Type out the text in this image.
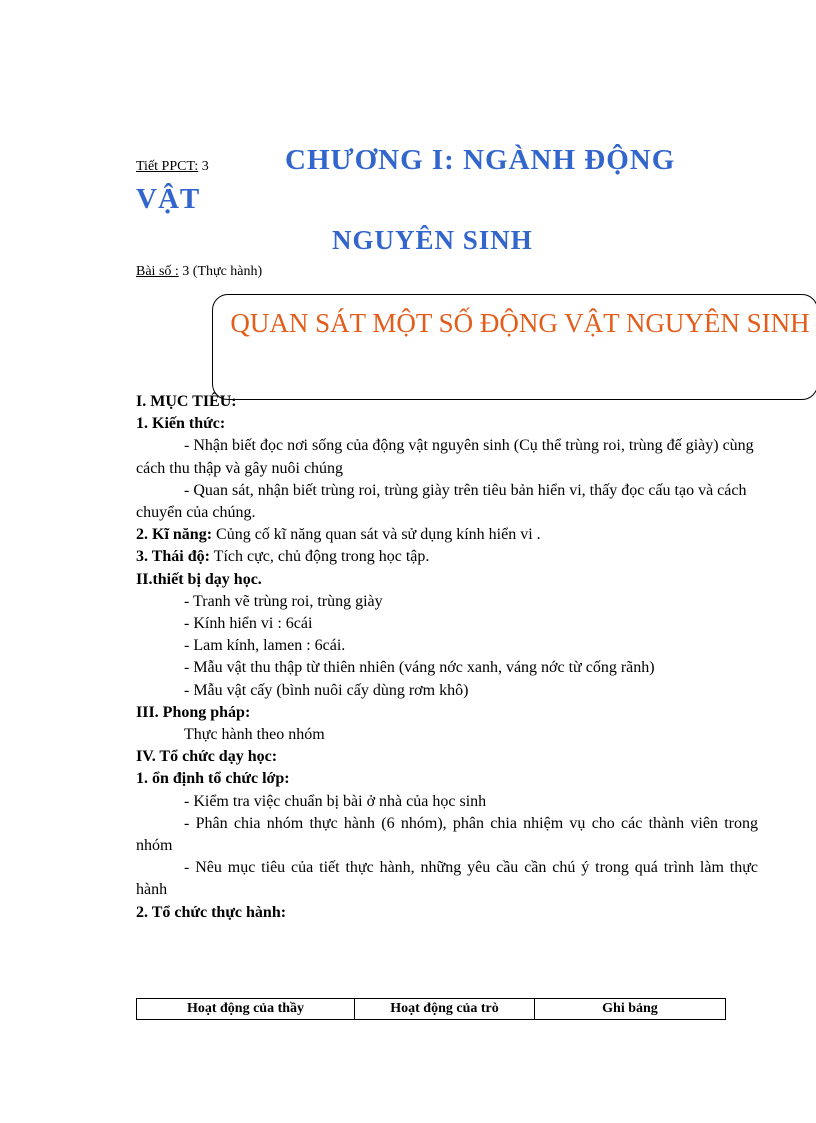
Tiết PPCT: 3	CHƯƠNG I: NGÀNH ĐỘNG
VẬT
NGUYÊN SINH
Bài số : 3 (Thực hành)
QUAN SÁT MỘT SỐ ĐỘNG VẬT NGUYÊN SINH

I. MỤC TIÊU:

1. Kiến thức:

- Nhận biết đọc nơi sống của động vật nguyên sinh (Cụ thể trùng roi, trùng đế giày) cùng cách thu thập và gây nuôi chúng

- Quan sát, nhận biết trùng roi, trùng giày trên tiêu bản hiển vi, thấy đọc cấu tạo và cách chuyển của chúng.

2. Kĩ năng: Củng cố kĩ năng quan sát và sử dụng kính hiển vi .

3. Thái độ: Tích cực, chủ động trong học tập.

II.thiết bị dạy học.

- Tranh vẽ trùng roi, trùng giày

- Kính hiển vi : 6cái

- Lam kính, lamen : 6cái.

- Mẫu vật thu thập từ thiên nhiên (váng nớc xanh, váng nớc từ cống rãnh)

- Mẫu vật cấy (bình nuôi cấy dùng rơm khô)

III. Phong pháp:

Thực hành theo nhóm

IV. Tổ chức dạy học:

1. ổn định tổ chức lớp:

- Kiểm tra việc chuẩn bị bài ở nhà của học sinh

- Phân chia nhóm thực hành (6 nhóm), phân chia nhiệm vụ cho các thành viên trong nhóm

- Nêu mục tiêu của tiết thực hành, những yêu cầu cần chú ý trong quá trình làm thực hành

2. Tổ chức thực hành:

Hoạt động của thầy	Hoạt động của trò	Ghi bảng
